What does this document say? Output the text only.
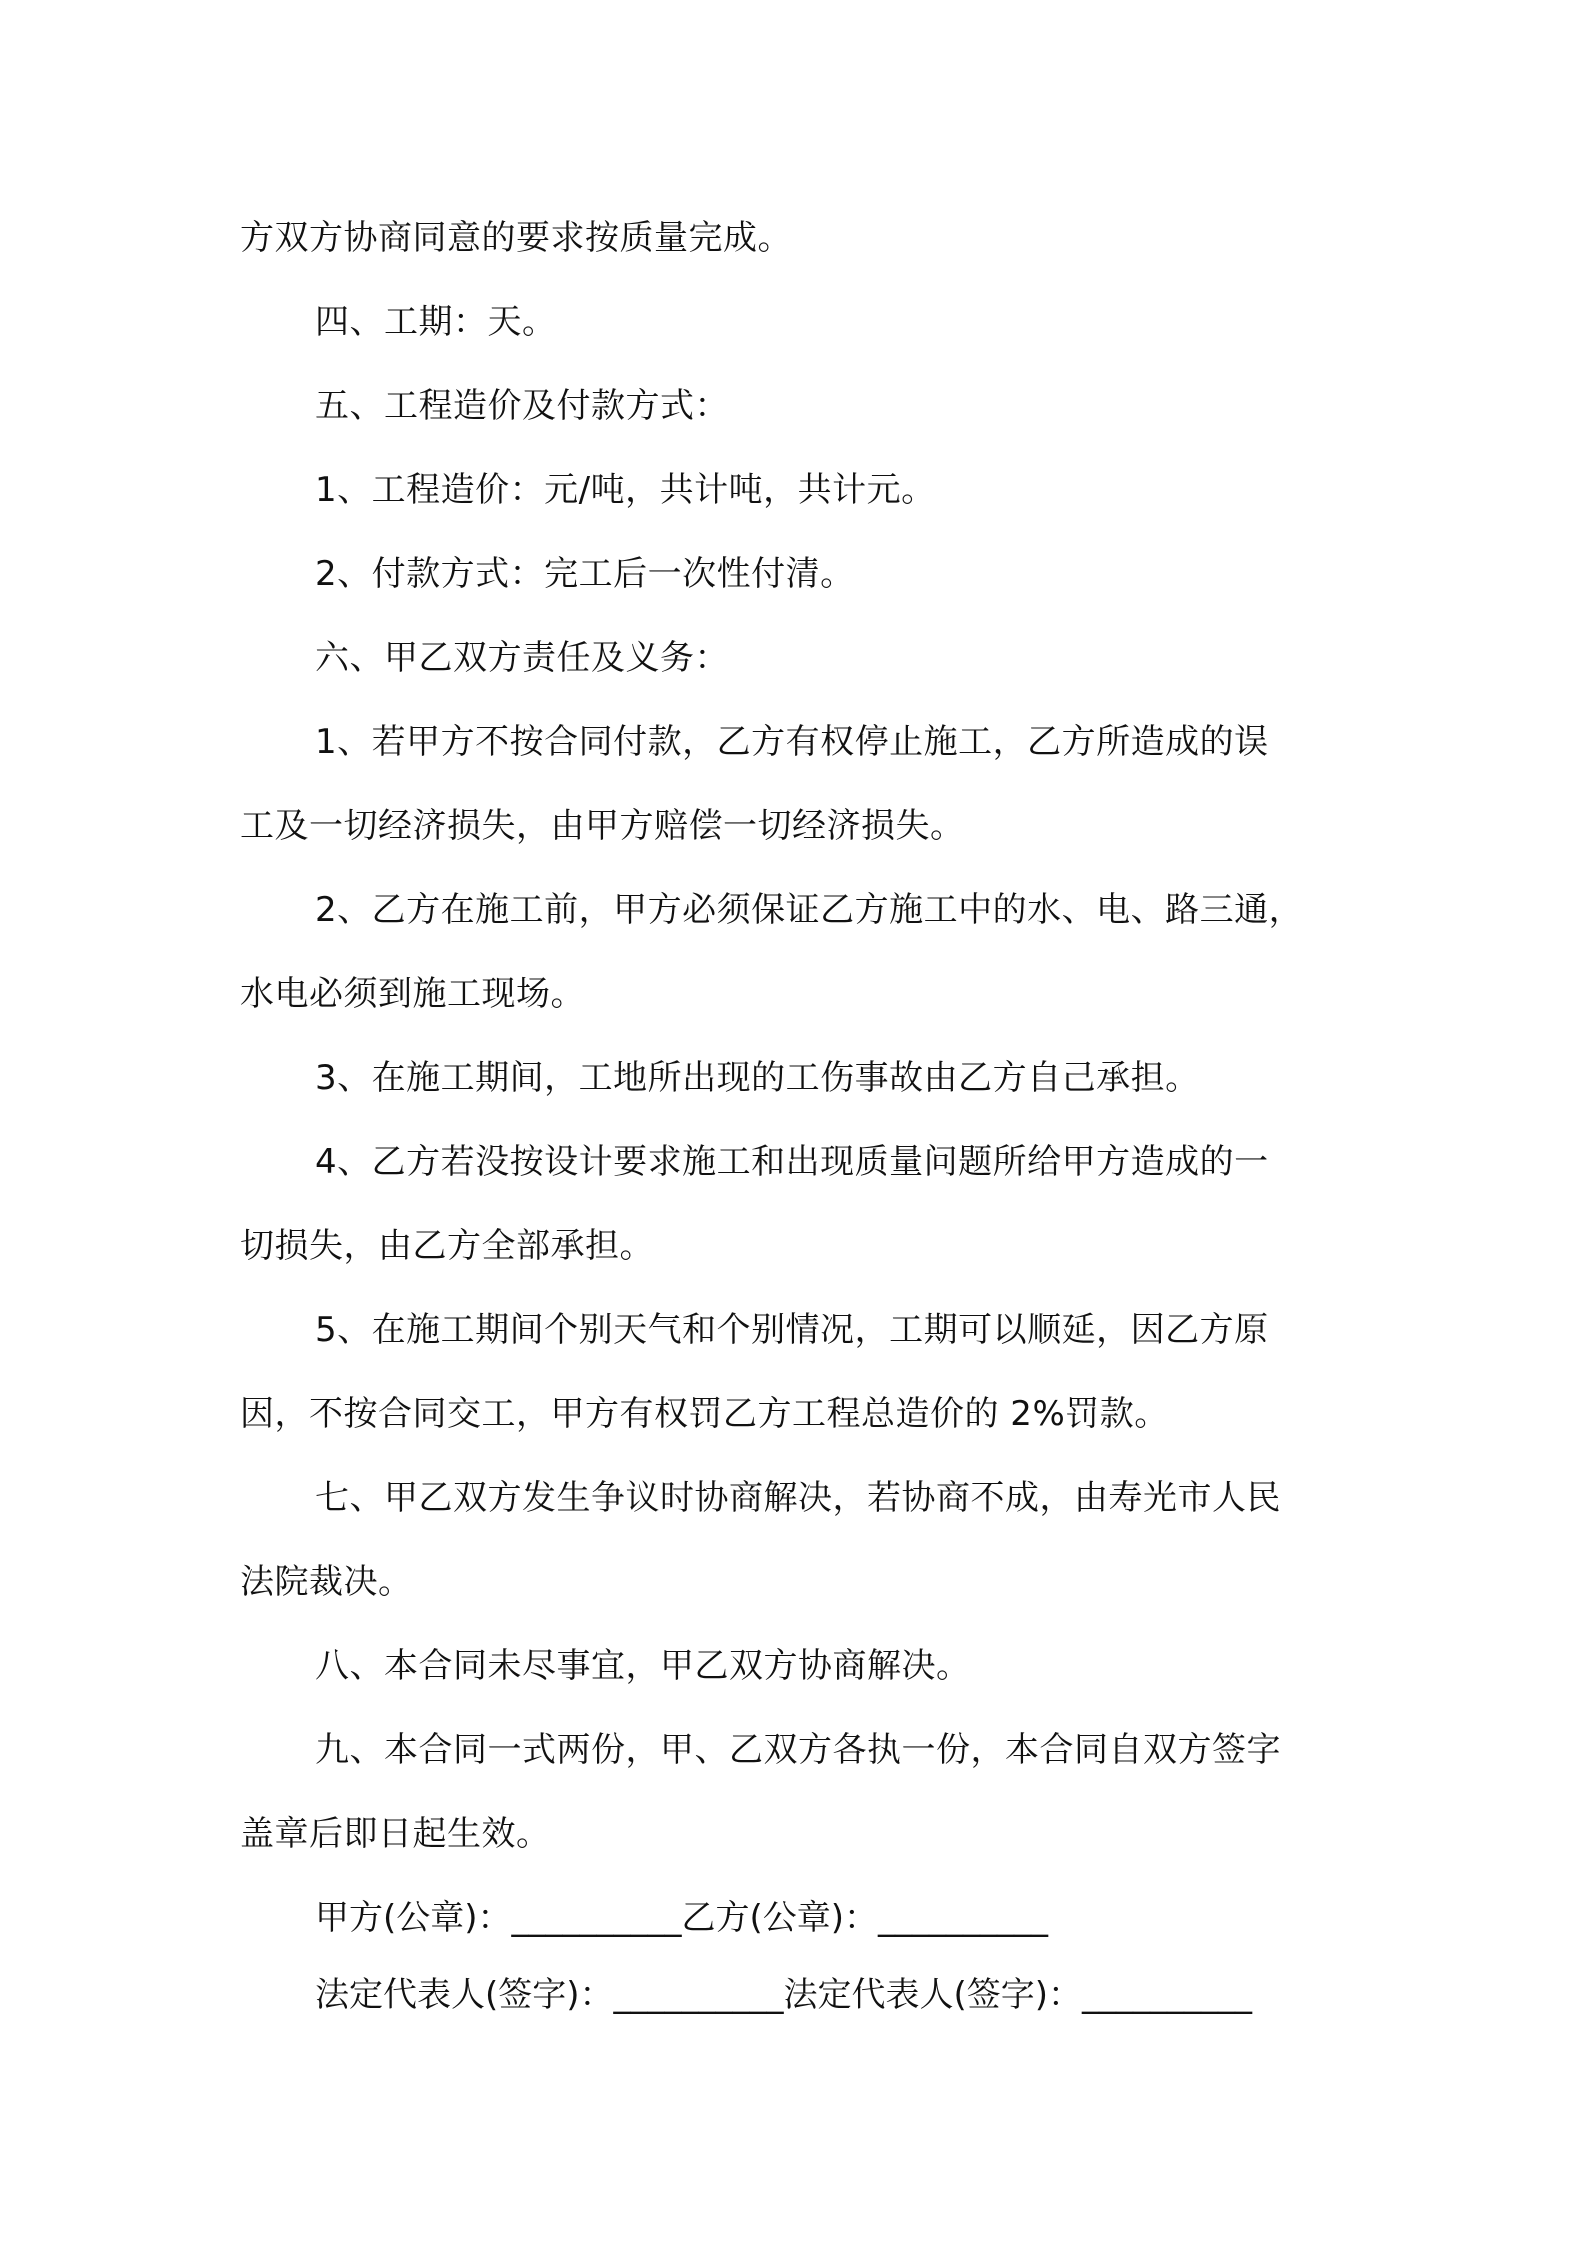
方双方协商同意的要求按质量完成。
四、工期：天。
五、工程造价及付款方式：
1、工程造价：元/吨，共计吨，共计元。
2、付款方式：完工后一次性付清。
六、甲乙双方责任及义务：
1、若甲方不按合同付款，乙方有权停止施工，乙方所造成的误
工及一切经济损失，由甲方赔偿一切经济损失。
2、乙方在施工前，甲方必须保证乙方施工中的水、电、路三通，
水电必须到施工现场。
3、在施工期间，工地所出现的工伤事故由乙方自己承担。
4、乙方若没按设计要求施工和出现质量问题所给甲方造成的一
切损失，由乙方全部承担。
5、在施工期间个别天气和个别情况，工期可以顺延，因乙方原
因，不按合同交工，甲方有权罚乙方工程总造价的 2%罚款。
七、甲乙双方发生争议时协商解决，若协商不成，由寿光市人民
法院裁决。
八、本合同未尽事宜，甲乙双方协商解决。
九、本合同一式两份，甲、乙双方各执一份，本合同自双方签字
盖章后即日起生效。
甲方(公章)：__________乙方(公章)：__________
法定代表人(签字)：__________法定代表人(签字)：__________
